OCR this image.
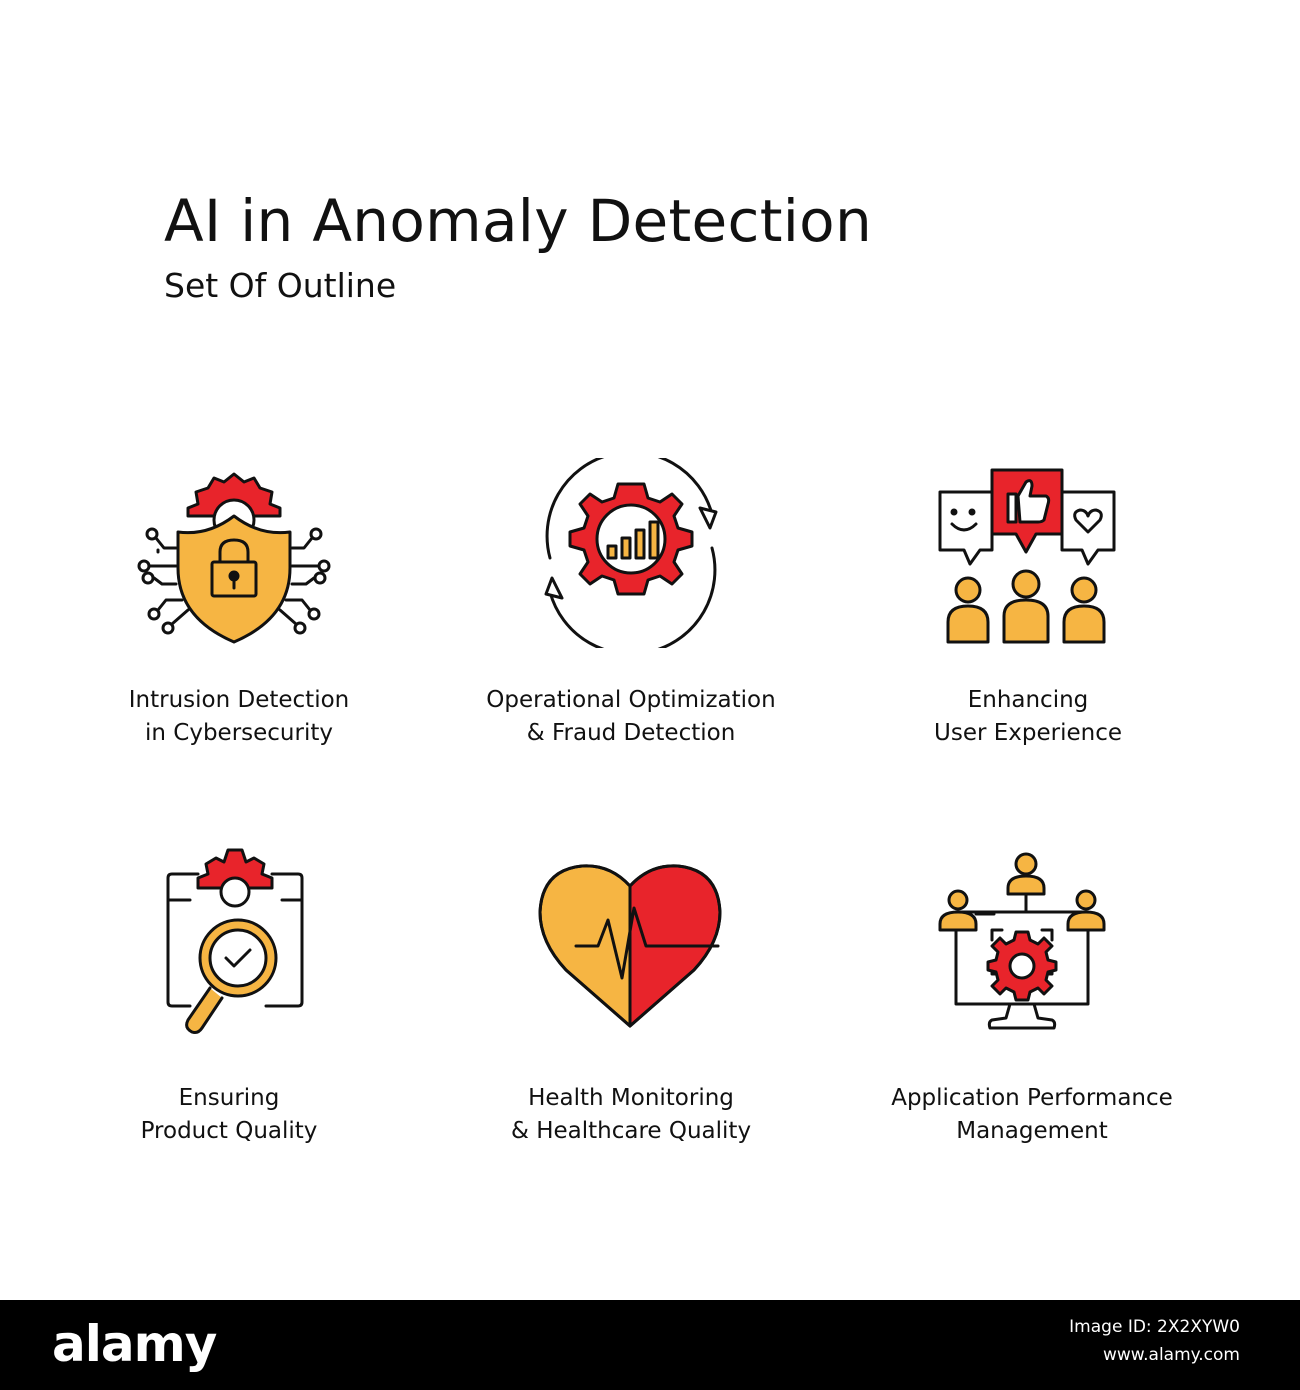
AI in Anomaly Detection
Set Of Outline
Intrusion Detection
in Cybersecurity
Operational Optimization
& Fraud Detection
Enhancing
User Experience
Ensuring
Product Quality
Health Monitoring
& Healthcare Quality
Application Performance
Management
alamy	Image ID: 2X2XYW0
www.alamy.com
